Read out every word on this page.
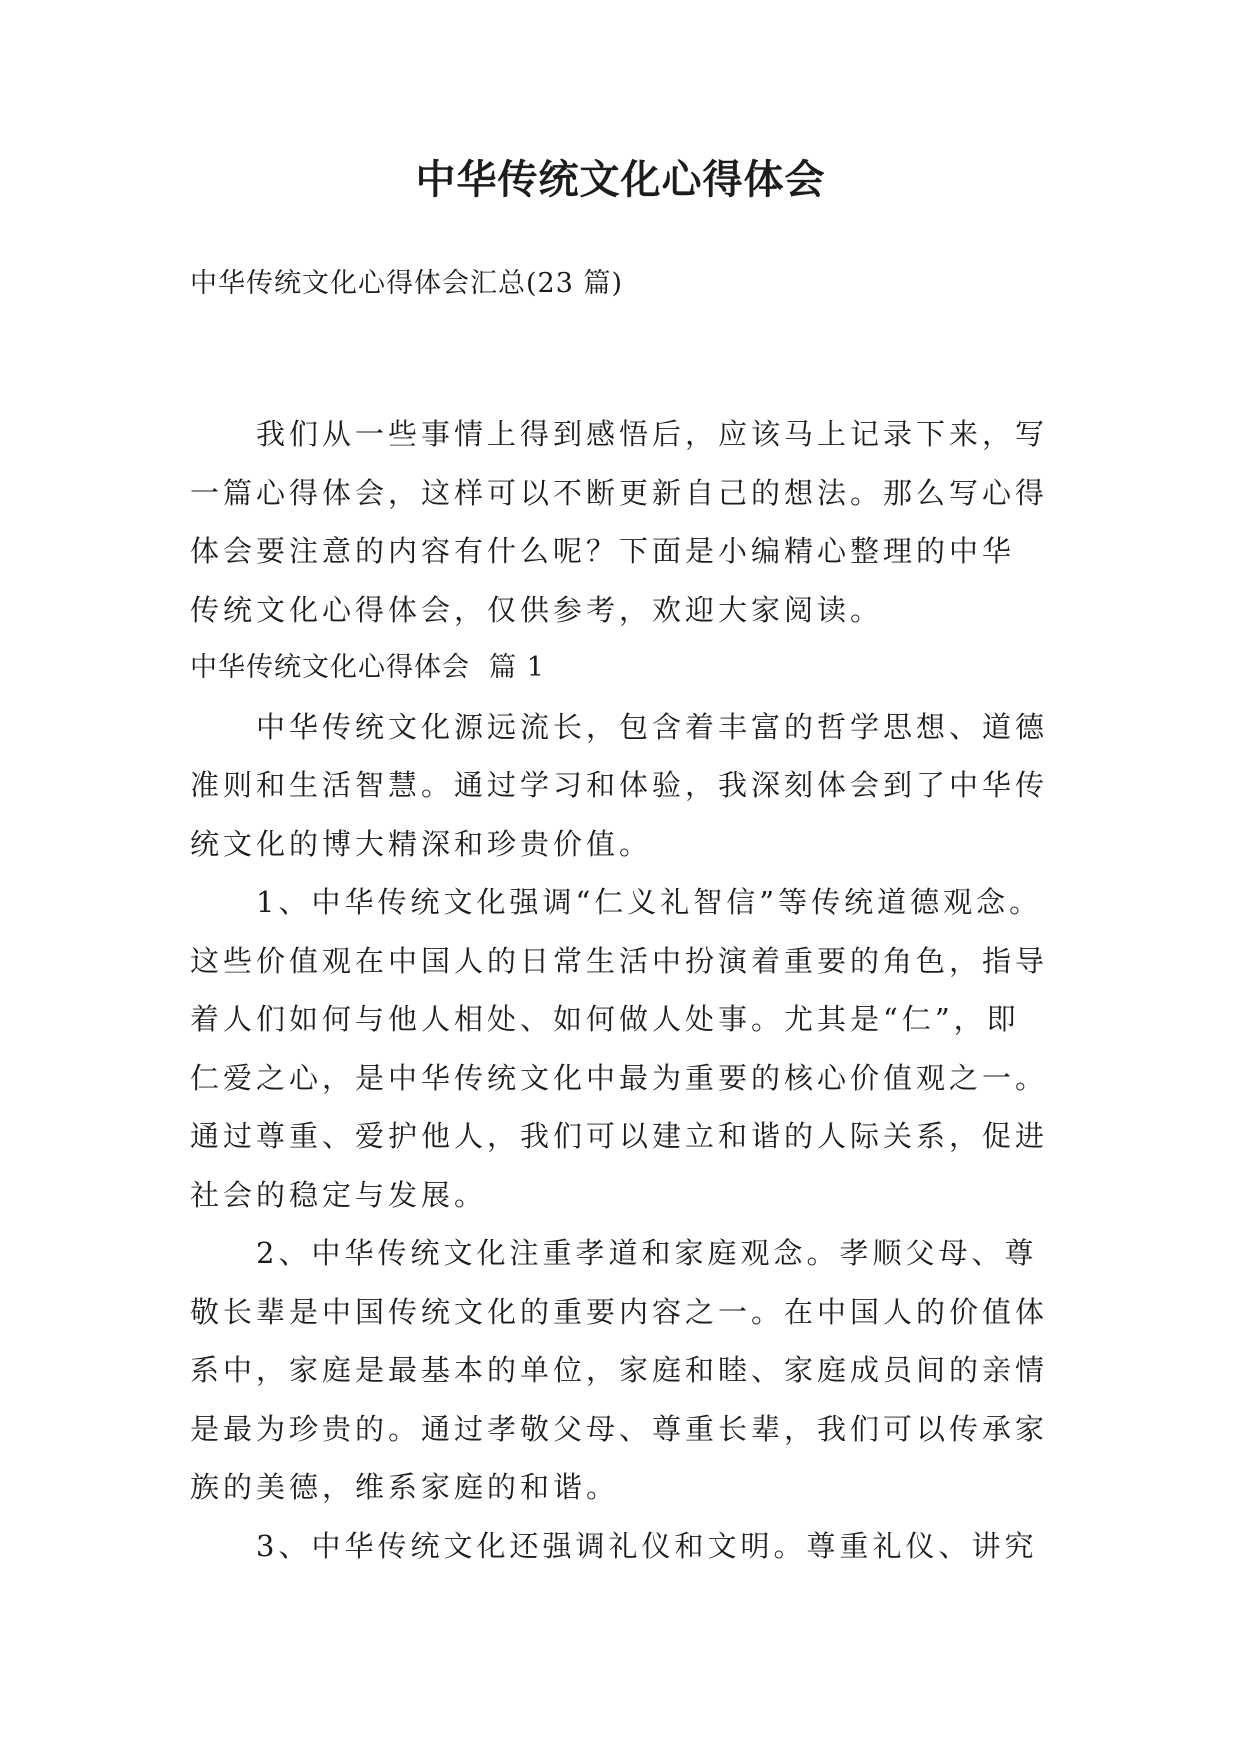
中华传统文化心得体会
中华传统文化心得体会汇总(23 篇)
我们从一些事情上得到感悟后，应该马上记录下来，写
一篇心得体会，这样可以不断更新自己的想法。那么写心得
体会要注意的内容有什么呢？下面是小编精心整理的中华
传统文化心得体会，仅供参考，欢迎大家阅读。
中华传统文化心得体会  篇 1
中华传统文化源远流长，包含着丰富的哲学思想、道德
准则和生活智慧。通过学习和体验，我深刻体会到了中华传
统文化的博大精深和珍贵价值。
1、中华传统文化强调“仁义礼智信”等传统道德观念。
这些价值观在中国人的日常生活中扮演着重要的角色，指导
着人们如何与他人相处、如何做人处事。尤其是“仁”，即
仁爱之心，是中华传统文化中最为重要的核心价值观之一。
通过尊重、爱护他人，我们可以建立和谐的人际关系，促进
社会的稳定与发展。
2、中华传统文化注重孝道和家庭观念。孝顺父母、尊
敬长辈是中国传统文化的重要内容之一。在中国人的价值体
系中，家庭是最基本的单位，家庭和睦、家庭成员间的亲情
是最为珍贵的。通过孝敬父母、尊重长辈，我们可以传承家
族的美德，维系家庭的和谐。
3、中华传统文化还强调礼仪和文明。尊重礼仪、讲究
